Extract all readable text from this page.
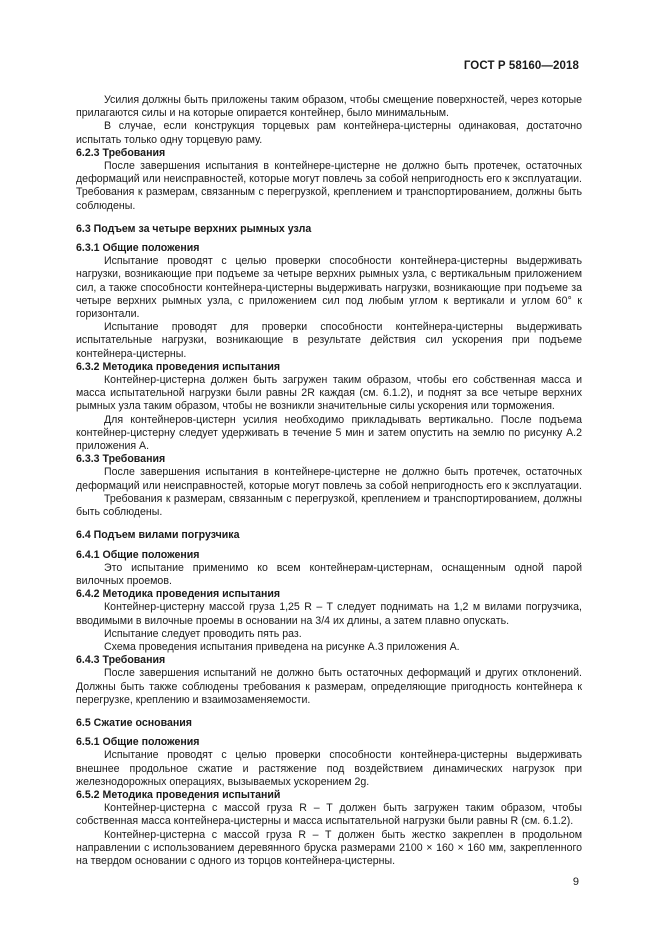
ГОСТ Р 58160—2018
Усилия должны быть приложены таким образом, чтобы смещение поверхностей, через которые прилагаются силы и на которые опирается контейнер, было минимальным.
В случае, если конструкция торцевых рам контейнера-цистерны одинаковая, достаточно испытать только одну торцевую раму.
6.2.3 Требования
После завершения испытания в контейнере-цистерне не должно быть протечек, остаточных деформаций или неисправностей, которые могут повлечь за собой непригодность его к эксплуатации. Требования к размерам, связанным с перегрузкой, креплением и транспортированием, должны быть соблюдены.
6.3 Подъем за четыре верхних рымных узла
6.3.1 Общие положения
Испытание проводят с целью проверки способности контейнера-цистерны выдерживать нагрузки, возникающие при подъеме за четыре верхних рымных узла, с вертикальным приложением сил, а также способности контейнера-цистерны выдерживать нагрузки, возникающие при подъеме за четыре верхних рымных узла, с приложением сил под любым углом к вертикали и углом 60° к горизонтали.
Испытание проводят для проверки способности контейнера-цистерны выдерживать испытательные нагрузки, возникающие в результате действия сил ускорения при подъеме контейнера-цистерны.
6.3.2 Методика проведения испытания
Контейнер-цистерна должен быть загружен таким образом, чтобы его собственная масса и масса испытательной нагрузки были равны 2R каждая (см. 6.1.2), и поднят за все четыре верхних рымных узла таким образом, чтобы не возникли значительные силы ускорения или торможения.
Для контейнеров-цистерн усилия необходимо прикладывать вертикально. После подъема контейнер-цистерну следует удерживать в течение 5 мин и затем опустить на землю по рисунку А.2 приложения А.
6.3.3 Требования
После завершения испытания в контейнере-цистерне не должно быть протечек, остаточных деформаций или неисправностей, которые могут повлечь за собой непригодность его к эксплуатации.
Требования к размерам, связанным с перегрузкой, креплением и транспортированием, должны быть соблюдены.
6.4 Подъем вилами погрузчика
6.4.1 Общие положения
Это испытание применимо ко всем контейнерам-цистернам, оснащенным одной парой вилочных проемов.
6.4.2 Методика проведения испытания
Контейнер-цистерну массой груза 1,25 R – T следует поднимать на 1,2 м вилами погрузчика, вводимыми в вилочные проемы в основании на 3/4 их длины, а затем плавно опускать.
Испытание следует проводить пять раз.
Схема проведения испытания приведена на рисунке А.3 приложения А.
6.4.3 Требования
После завершения испытаний не должно быть остаточных деформаций и других отклонений. Должны быть также соблюдены требования к размерам, определяющие пригодность контейнера к перегрузке, креплению и взаимозаменяемости.
6.5 Сжатие основания
6.5.1 Общие положения
Испытание проводят с целью проверки способности контейнера-цистерны выдерживать внешнее продольное сжатие и растяжение под воздействием динамических нагрузок при железнодорожных операциях, вызываемых ускорением 2g.
6.5.2 Методика проведения испытаний
Контейнер-цистерна с массой груза R – T должен быть загружен таким образом, чтобы собственная масса контейнера-цистерны и масса испытательной нагрузки были равны R (см. 6.1.2).
Контейнер-цистерна с массой груза R – T должен быть жестко закреплен в продольном направлении с использованием деревянного бруска размерами 2100 × 160 × 160 мм, закрепленного на твердом основании с одного из торцов контейнера-цистерны.
9
